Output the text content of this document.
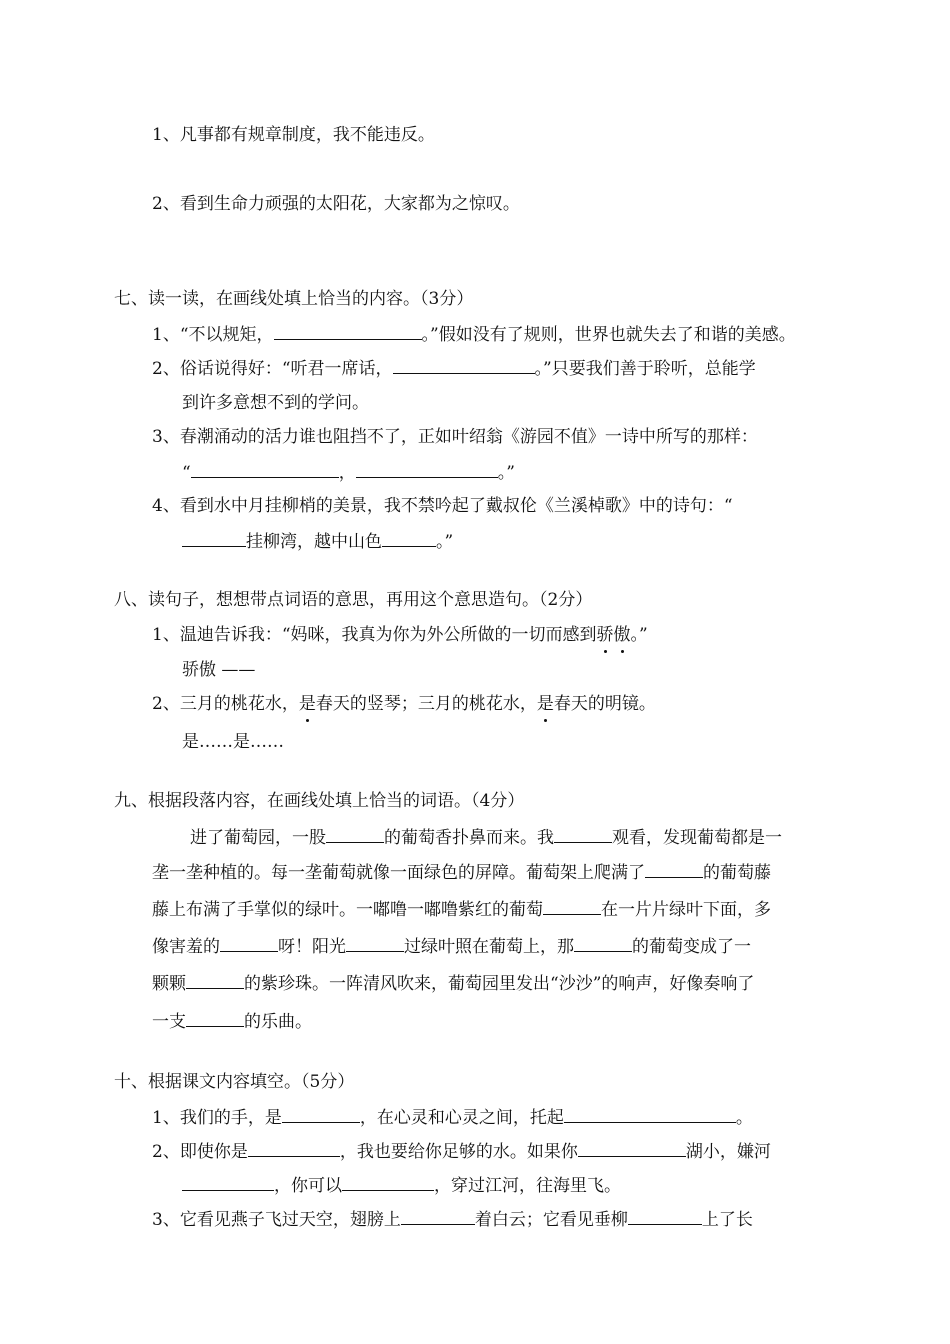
1、凡事都有规章制度，我不能违反。
2、看到生命力顽强的太阳花，大家都为之惊叹。
七、读一读，在画线处填上恰当的内容。（3分）
1、“不以规矩，	。”假如没有了规则，世界也就失去了和谐的美感。
2、俗话说得好：“听君一席话，	。”只要我们善于聆听，总能学
到许多意想不到的学问。
3、春潮涌动的活力谁也阻挡不了，正如叶绍翁《游园不值》一诗中所写的那样：
“	，	。”
4、看到水中月挂柳梢的美景，我不禁吟起了戴叔伦《兰溪棹歌》中的诗句：“
挂柳湾，越中山色	。”
八、读句子，想想带点词语的意思，再用这个意思造句。（2分）
1、温迪告诉我：“妈咪，我真为你为外公所做的一切而感到骄傲。”
骄傲 ——
2、三月的桃花水，是春天的竖琴；三月的桃花水，是春天的明镜。
是……是……
九、根据段落内容，在画线处填上恰当的词语。（4分）
进了葡萄园，一股	的葡萄香扑鼻而来。我	观看，发现葡萄都是一
垄一垄种植的。每一垄葡萄就像一面绿色的屏障。葡萄架上爬满了	的葡萄藤
藤上布满了手掌似的绿叶。一嘟噜一嘟噜紫红的葡萄	在一片片绿叶下面，多
像害羞的	呀！阳光	过绿叶照在葡萄上，那	的葡萄变成了一
颗颗	的紫珍珠。一阵清风吹来，葡萄园里发出“沙沙”的响声，好像奏响了
一支	的乐曲。
十、根据课文内容填空。（5分）
1、我们的手，是	，在心灵和心灵之间，托起	。
2、即使你是	，我也要给你足够的水。如果你	湖小，嫌河
，你可以	，穿过江河，往海里飞。
3、它看见燕子飞过天空，翅膀上	着白云；它看见垂柳	上了长
